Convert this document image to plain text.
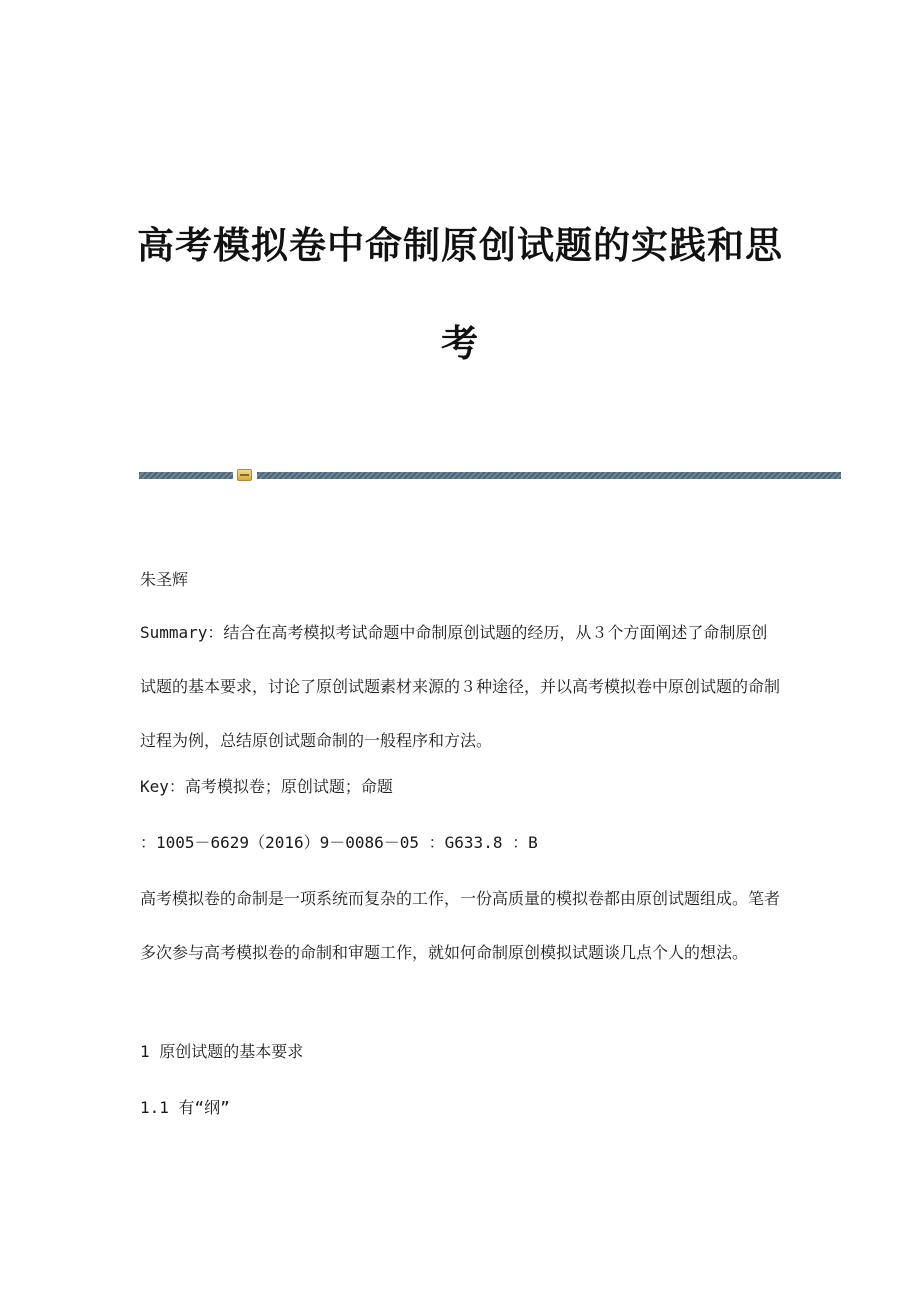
高考模拟卷中命制原创试题的实践和思
考

朱圣辉

Summary：结合在高考模拟考试命题中命制原创试题的经历，从３个方面阐述了命制原创试题的基本要求，讨论了原创试题素材来源的３种途径，并以高考模拟卷中原创试题的命制过程为例，总结原创试题命制的一般程序和方法。

Key：高考模拟卷；原创试题；命题

：1005－6629（2016）9－0086－05 ：G633.8 ：B

高考模拟卷的命制是一项系统而复杂的工作，一份高质量的模拟卷都由原创试题组成。笔者多次参与高考模拟卷的命制和审题工作，就如何命制原创模拟试题谈几点个人的想法。

1 原创试题的基本要求

1.1 有“纲”
